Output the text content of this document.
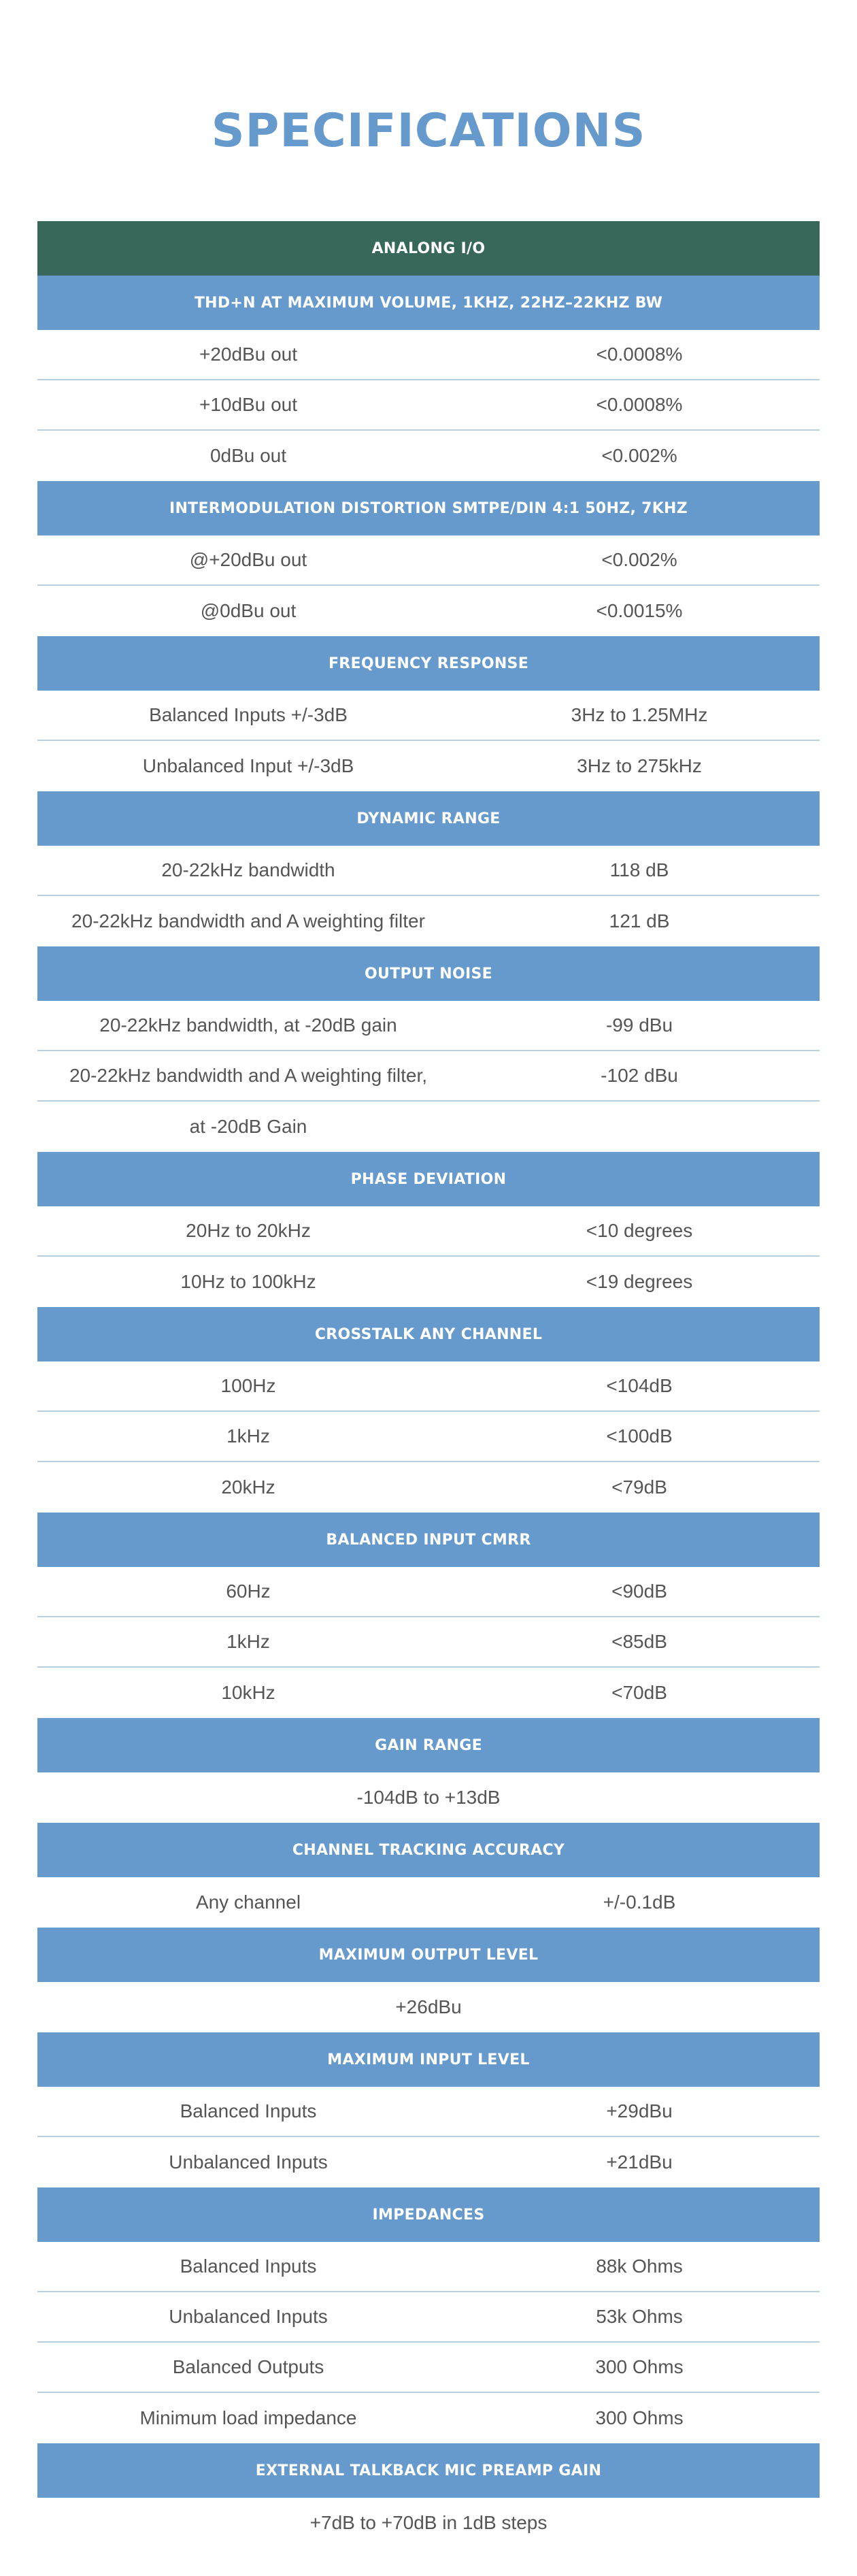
SPECIFICATIONS
ANALONG I/O
THD+N AT MAXIMUM VOLUME, 1KHZ, 22HZ–22KHZ BW
+20dBu out	<0.0008%
+10dBu out	<0.0008%
0dBu out	<0.002%
INTERMODULATION DISTORTION SMTPE/DIN 4:1 50HZ, 7KHZ
@+20dBu out	<0.002%
@0dBu out	<0.0015%
FREQUENCY RESPONSE
Balanced Inputs +/-3dB	3Hz to 1.25MHz
Unbalanced Input +/-3dB	3Hz to 275kHz
DYNAMIC RANGE
20-22kHz bandwidth	118 dB
20-22kHz bandwidth and A weighting filter	121 dB
OUTPUT NOISE
20-22kHz bandwidth, at -20dB gain	-99 dBu
20-22kHz bandwidth and A weighting filter,	-102 dBu
at -20dB Gain
PHASE DEVIATION
20Hz to 20kHz	<10 degrees
10Hz to 100kHz	<19 degrees
CROSSTALK ANY CHANNEL
100Hz	<104dB
1kHz	<100dB
20kHz	<79dB
BALANCED INPUT CMRR
60Hz	<90dB
1kHz	<85dB
10kHz	<70dB
GAIN RANGE
-104dB to +13dB
CHANNEL TRACKING ACCURACY
Any channel	+/-0.1dB
MAXIMUM OUTPUT LEVEL
+26dBu
MAXIMUM INPUT LEVEL
Balanced Inputs	+29dBu
Unbalanced Inputs	+21dBu
IMPEDANCES
Balanced Inputs	88k Ohms
Unbalanced Inputs	53k Ohms
Balanced Outputs	300 Ohms
Minimum load impedance	300 Ohms
EXTERNAL TALKBACK MIC PREAMP GAIN
+7dB to +70dB in 1dB steps
